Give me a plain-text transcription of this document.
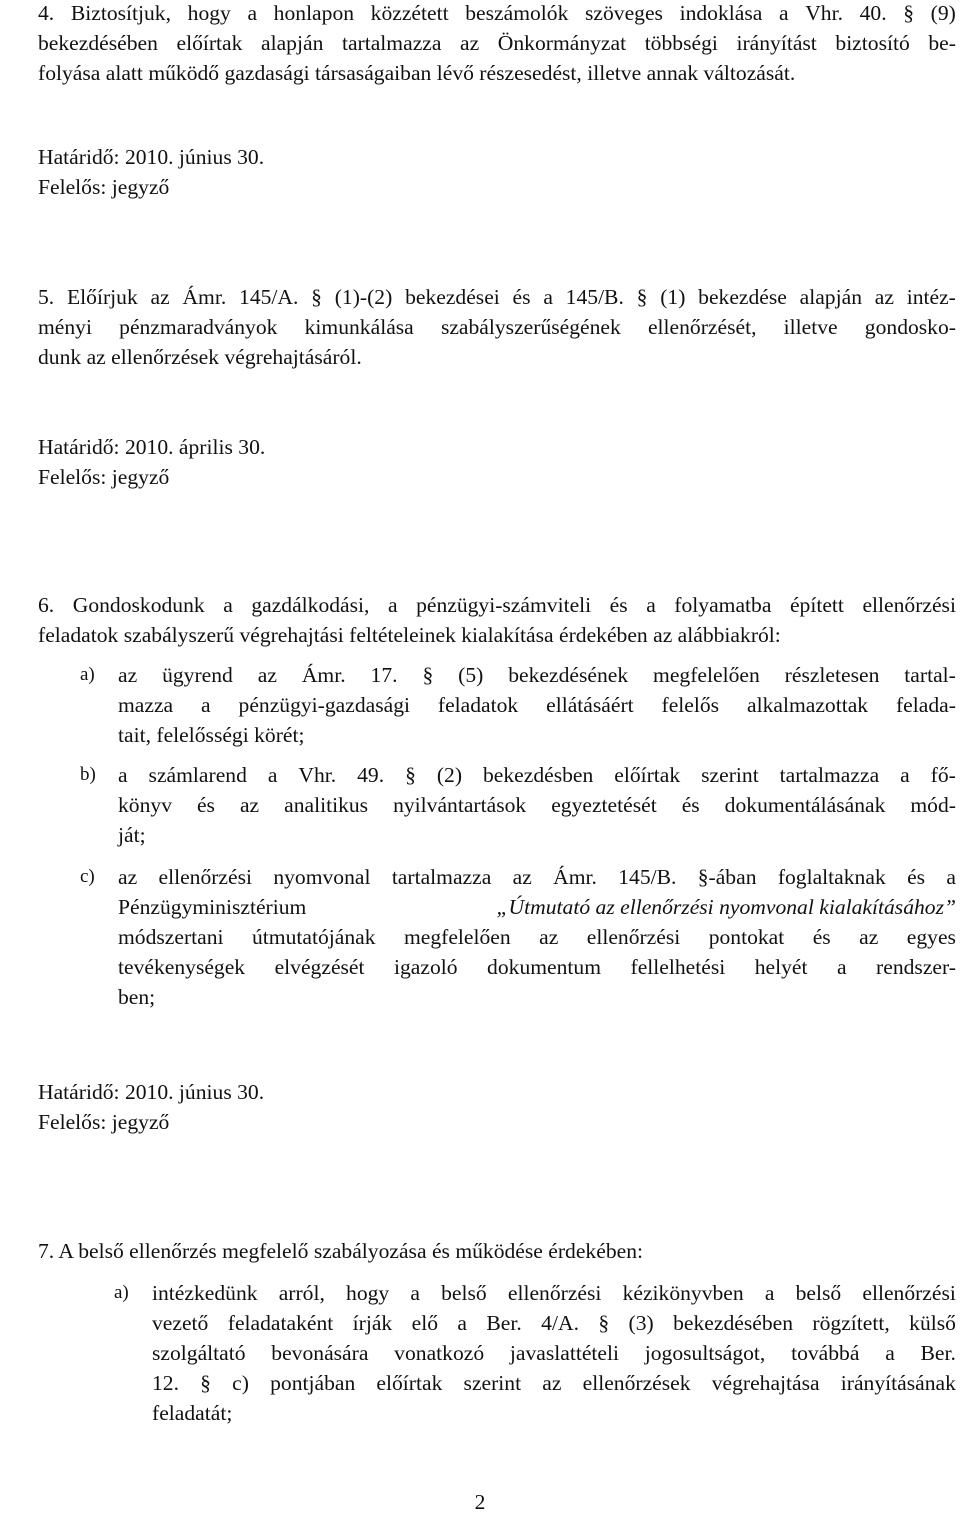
4. Biztosítjuk, hogy a honlapon közzétett beszámolók szöveges indoklása a Vhr. 40. § (9)
bekezdésében előírtak alapján tartalmazza az Önkormányzat többségi irányítást biztosító be-
folyása alatt működő gazdasági társaságaiban lévő részesedést, illetve annak változását.
Határidő: 2010. június 30.
Felelős: jegyző
5. Előírjuk az Ámr. 145/A. § (1)-(2) bekezdései és a 145/B. § (1) bekezdése alapján az intéz-
ményi pénzmaradványok kimunkálása szabályszerűségének ellenőrzését, illetve gondosko-
dunk az ellenőrzések végrehajtásáról.
Határidő: 2010. április 30.
Felelős: jegyző
6. Gondoskodunk a gazdálkodási, a pénzügyi-számviteli és a folyamatba épített ellenőrzési
feladatok szabályszerű végrehajtási feltételeinek kialakítása érdekében az alábbiakról:
a) az ügyrend az Ámr. 17. § (5) bekezdésének megfelelően részletesen tartal-
mazza a pénzügyi-gazdasági feladatok ellátásáért felelős alkalmazottak felada-
tait, felelősségi körét;
b) a számlarend a Vhr. 49. § (2) bekezdésben előírtak szerint tartalmazza a fő-
könyv és az analitikus nyilvántartások egyeztetését és dokumentálásának mód-
ját;
c) az ellenőrzési nyomvonal tartalmazza az Ámr. 145/B. §-ában foglaltaknak és a
Pénzügyminisztérium	„Útmutató az ellenőrzési nyomvonal kialakításához”
módszertani útmutatójának megfelelően az ellenőrzési pontokat és az egyes
tevékenységek elvégzését igazoló dokumentum fellelhetési helyét a rendszer-
ben;
Határidő: 2010. június 30.
Felelős: jegyző
7. A belső ellenőrzés megfelelő szabályozása és működése érdekében:
a) intézkedünk arról, hogy a belső ellenőrzési kézikönyvben a belső ellenőrzési
vezető feladataként írják elő a Ber. 4/A. § (3) bekezdésében rögzített, külső
szolgáltató bevonására vonatkozó javaslattételi jogosultságot, továbbá a Ber.
12. § c) pontjában előírtak szerint az ellenőrzések végrehajtása irányításának
feladatát;
2
